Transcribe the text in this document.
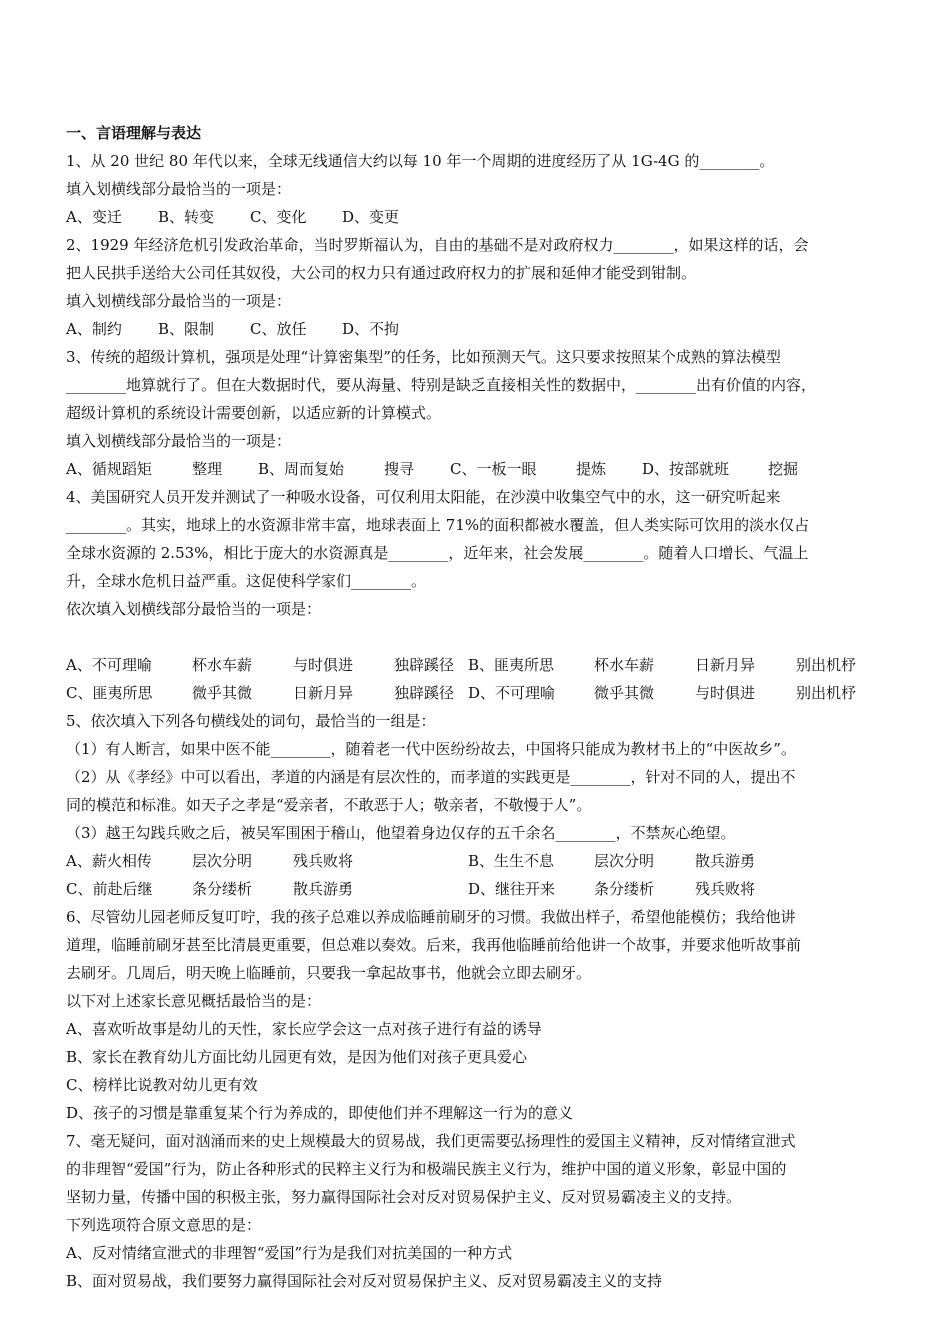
一、言语理解与表达
1、从 20 世纪 80 年代以来，全球无线通信大约以每 10 年一个周期的进度经历了从 1G-4G 的________。
填入划横线部分最恰当的一项是：
A、变迁 B、转变 C、变化 D、变更
2、1929 年经济危机引发政治革命，当时罗斯福认为，自由的基础不是对政府权力________，如果这样的话，会
把人民拱手送给大公司任其奴役，大公司的权力只有通过政府权力的扩展和延伸才能受到钳制。
填入划横线部分最恰当的一项是：
A、制约 B、限制 C、放任 D、不拘
3、传统的超级计算机，强项是处理“计算密集型”的任务，比如预测天气。这只要求按照某个成熟的算法模型
________地算就行了。但在大数据时代，要从海量、特别是缺乏直接相关性的数据中，________出有价值的内容，
超级计算机的系统设计需要创新，以适应新的计算模式。
填入划横线部分最恰当的一项是：
A、循规蹈矩	整理 B、周而复始	搜寻 C、一板一眼	提炼 D、按部就班	挖掘
4、美国研究人员开发并测试了一种吸水设备，可仅利用太阳能，在沙漠中收集空气中的水，这一研究听起来
________。其实，地球上的水资源非常丰富，地球表面上 71%的面积都被水覆盖，但人类实际可饮用的淡水仅占
全球水资源的 2.53%，相比于庞大的水资源真是________，近年来，社会发展________。随着人口增长、气温上
升，全球水危机日益严重。这促使科学家们________。
依次填入划横线部分最恰当的一项是：
A、不可理喻	杯水车薪	与时俱进	独辟蹊径 B、匪夷所思	杯水车薪	日新月异	别出机杼
C、匪夷所思	微乎其微	日新月异	独辟蹊径 D、不可理喻	微乎其微	与时俱进	别出机杼
5、依次填入下列各句横线处的词句，最恰当的一组是：
（1）有人断言，如果中医不能________，随着老一代中医纷纷故去，中国将只能成为教材书上的“中医故乡”。
（2）从《孝经》中可以看出，孝道的内涵是有层次性的，而孝道的实践更是________，针对不同的人，提出不
同的模范和标准。如天子之孝是“爱亲者，不敢恶于人；敬亲者，不敬慢于人”。
（3）越王勾践兵败之后，被吴军围困于稽山，他望着身边仅存的五千余名________，不禁灰心绝望。
A、薪火相传	层次分明	残兵败将	B、生生不息	层次分明	散兵游勇
C、前赴后继	条分缕析	散兵游勇	D、继往开来	条分缕析	残兵败将
6、尽管幼儿园老师反复叮咛，我的孩子总难以养成临睡前刷牙的习惯。我做出样子，希望他能模仿；我给他讲
道理，临睡前刷牙甚至比清晨更重要，但总难以奏效。后来，我再他临睡前给他讲一个故事，并要求他听故事前
去刷牙。几周后，明天晚上临睡前，只要我一拿起故事书，他就会立即去刷牙。
以下对上述家长意见概括最恰当的是：
A、喜欢听故事是幼儿的天性，家长应学会这一点对孩子进行有益的诱导
B、家长在教育幼儿方面比幼儿园更有效，是因为他们对孩子更具爱心
C、榜样比说教对幼儿更有效
D、孩子的习惯是靠重复某个行为养成的，即使他们并不理解这一行为的意义
7、毫无疑问，面对汹涌而来的史上规模最大的贸易战，我们更需要弘扬理性的爱国主义精神，反对情绪宣泄式
的非理智“爱国”行为，防止各种形式的民粹主义行为和极端民族主义行为，维护中国的道义形象，彰显中国的
坚韧力量，传播中国的积极主张，努力赢得国际社会对反对贸易保护主义、反对贸易霸凌主义的支持。
下列选项符合原文意思的是：
A、反对情绪宣泄式的非理智“爱国”行为是我们对抗美国的一种方式
B、面对贸易战，我们要努力赢得国际社会对反对贸易保护主义、反对贸易霸凌主义的支持
